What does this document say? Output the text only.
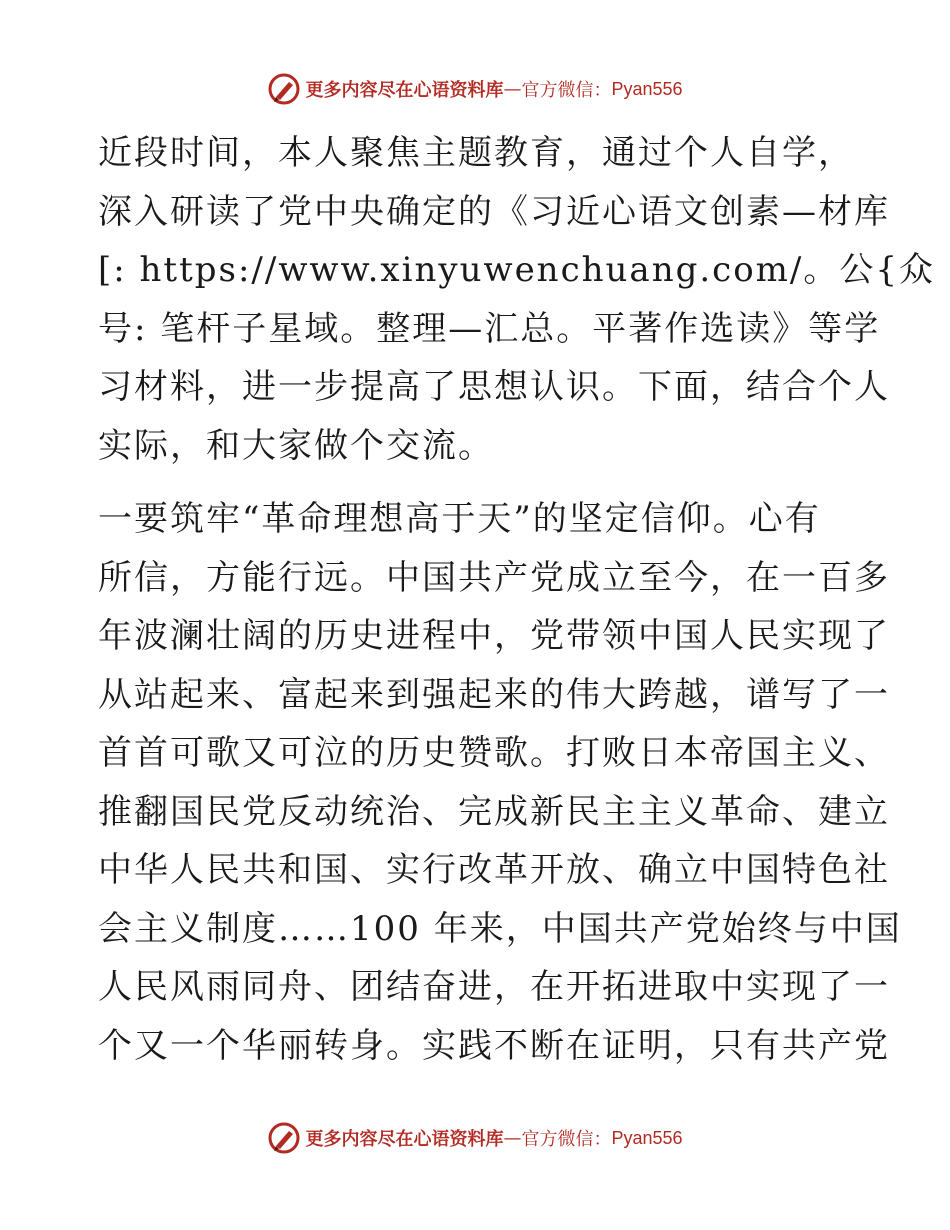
更多内容尽在心语资料库 — 官方微信： Pyan556

近段时间，本人聚焦主题教育，通过个人自学，
深入研读了党中央确定的《习近心语文创素—材库
[: https://www.xinyuwenchuang.com/。公{众
号: 笔杆子星域。整理—汇总。平著作选读》等学
习材料，进一步提高了思想认识。下面，结合个人
实际，和大家做个交流。

一要筑牢“革命理想高于天”的坚定信仰。心有
所信，方能行远。中国共产党成立至今，在一百多
年波澜壮阔的历史进程中，党带领中国人民实现了
从站起来、富起来到强起来的伟大跨越，谱写了一
首首可歌又可泣的历史赞歌。打败日本帝国主义、
推翻国民党反动统治、完成新民主主义革命、建立
中华人民共和国、实行改革开放、确立中国特色社
会主义制度……100 年来，中国共产党始终与中国
人民风雨同舟、团结奋进，在开拓进取中实现了一
个又一个华丽转身。实践不断在证明，只有共产党

更多内容尽在心语资料库 — 官方微信： Pyan556
